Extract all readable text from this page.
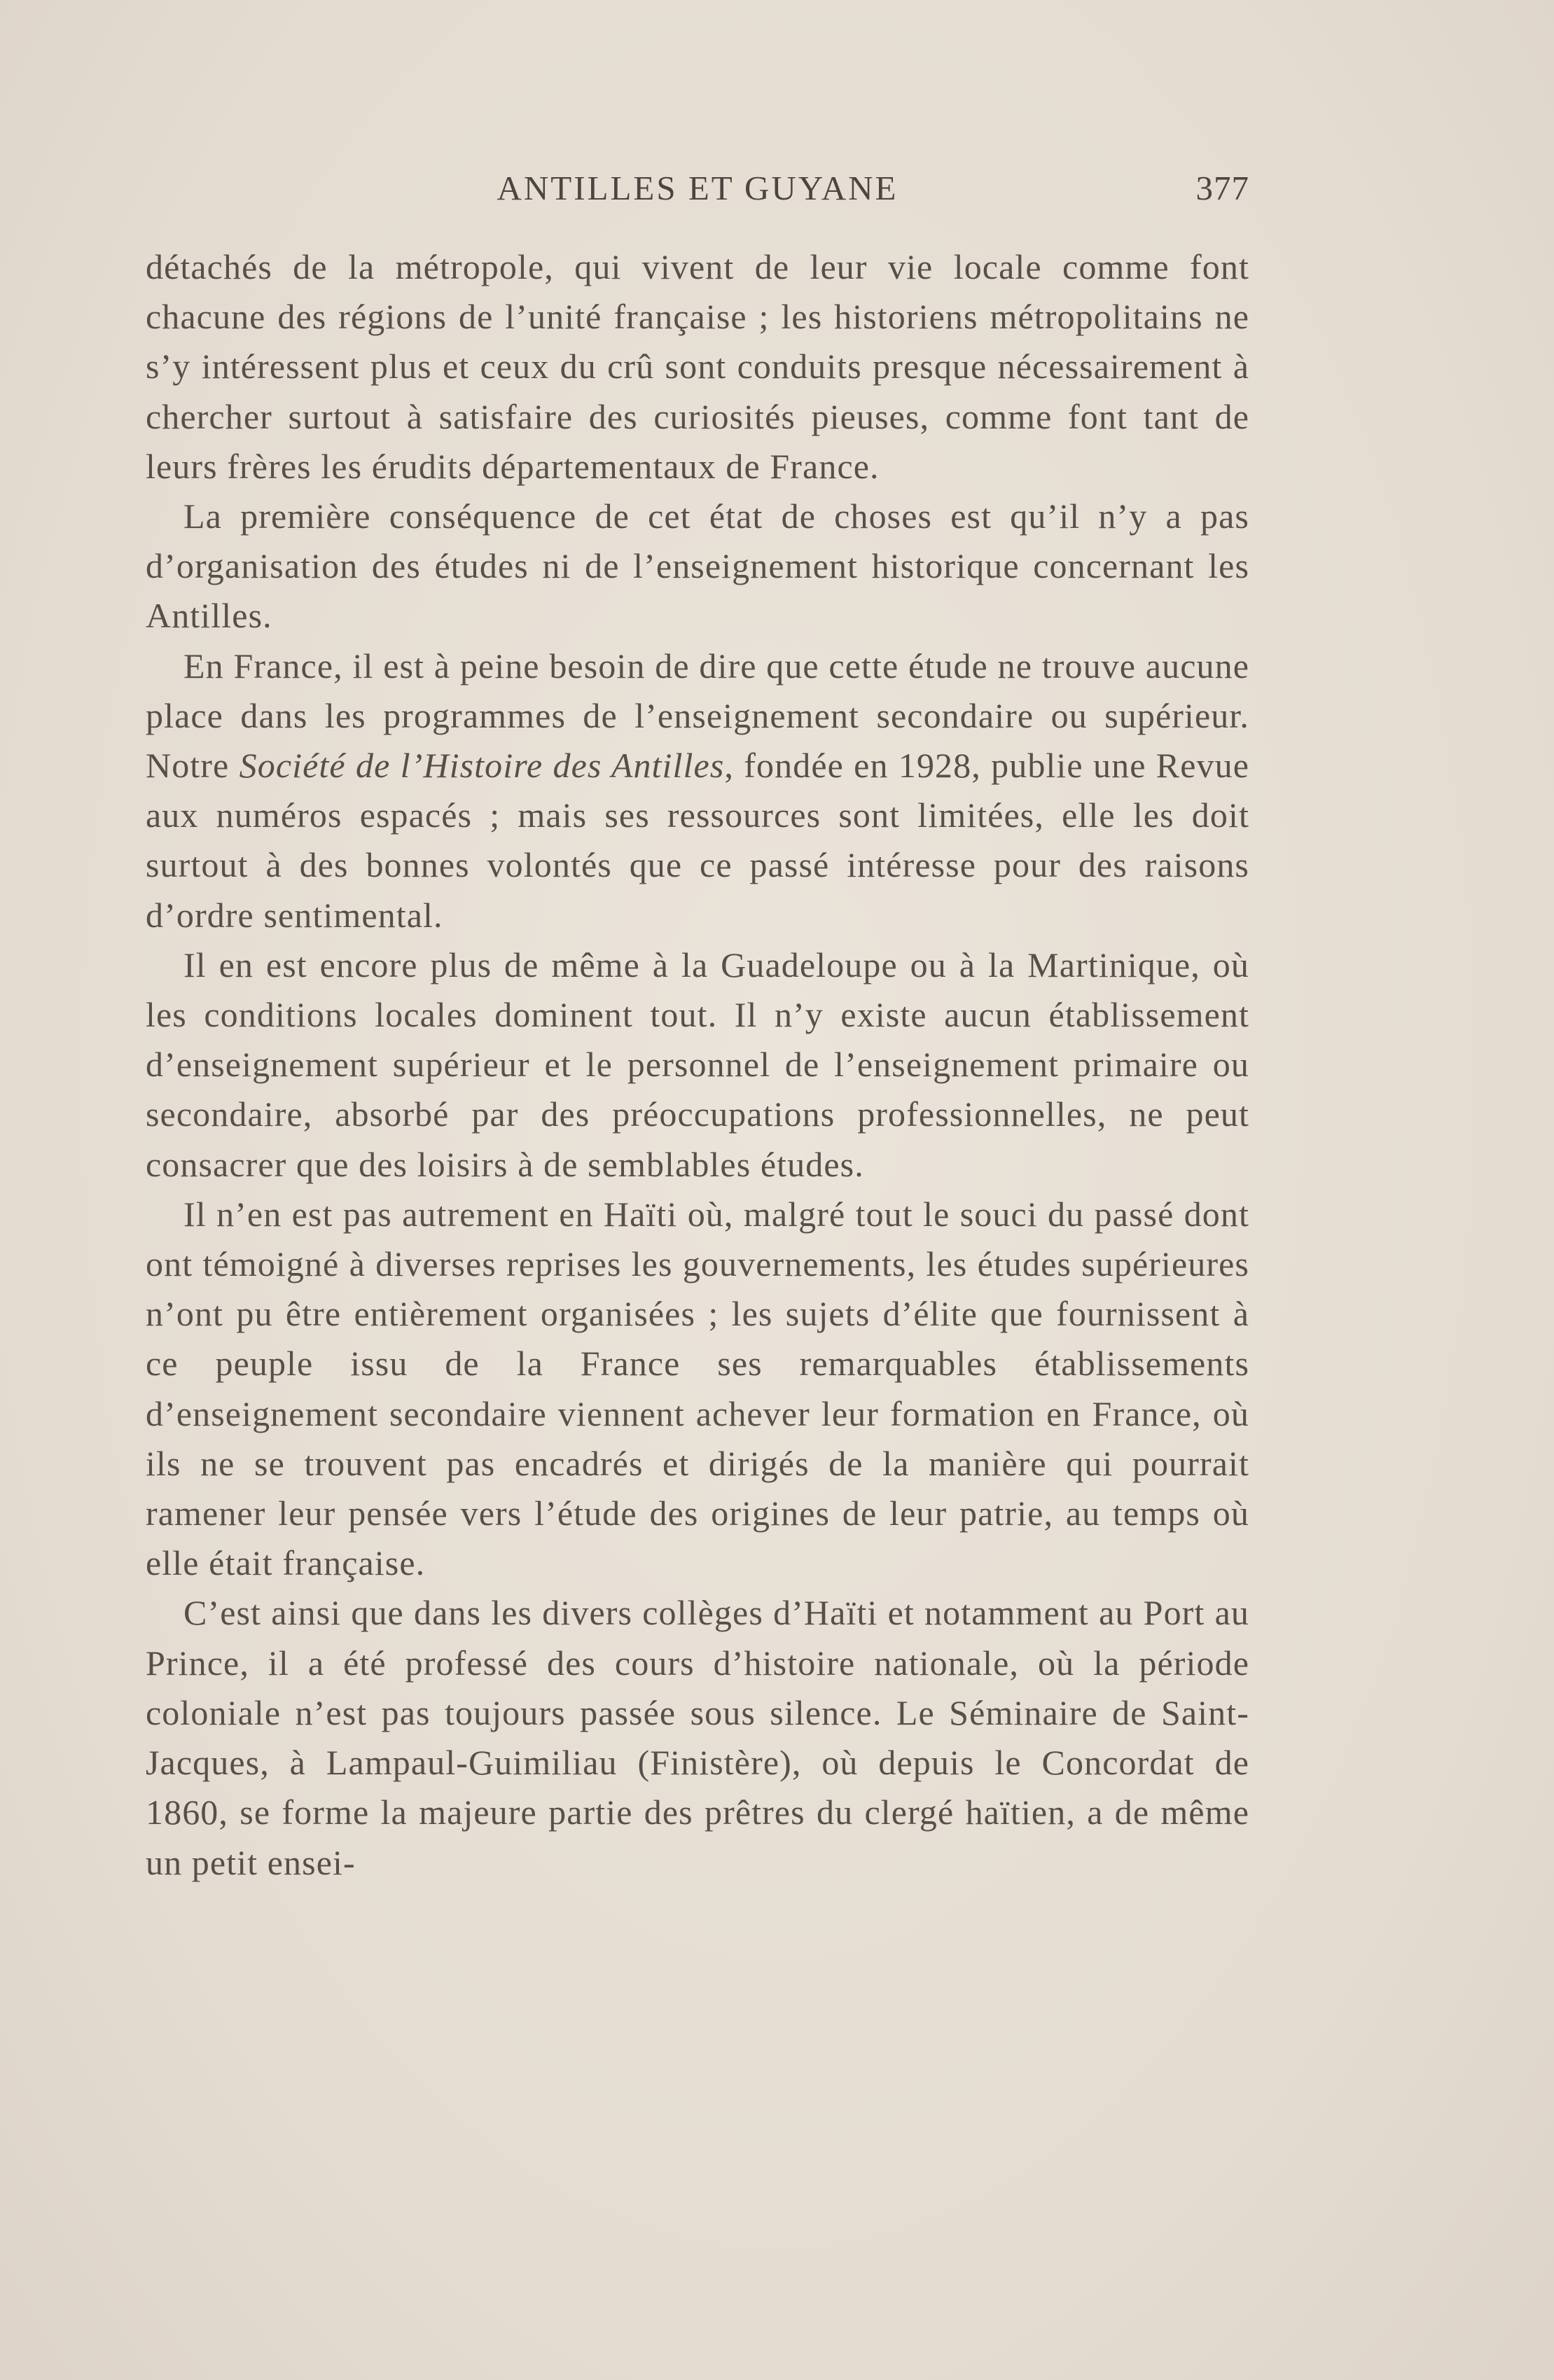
ANTILLES ET GUYANE	377

détachés de la métropole, qui vivent de leur vie locale comme font chacune des régions de l’unité française ; les historiens métropolitains ne s’y intéressent plus et ceux du crû sont conduits presque nécessairement à chercher surtout à satisfaire des curiosités pieuses, comme font tant de leurs frères les érudits départementaux de France.

La première conséquence de cet état de choses est qu’il n’y a pas d’organisation des études ni de l’enseignement historique concernant les Antilles.

En France, il est à peine besoin de dire que cette étude ne trouve aucune place dans les programmes de l’enseignement secondaire ou supérieur. Notre Société de l’Histoire des Antilles, fondée en 1928, publie une Revue aux numéros espacés ; mais ses ressources sont limitées, elle les doit surtout à des bonnes volontés que ce passé intéresse pour des raisons d’ordre sentimental.

Il en est encore plus de même à la Guadeloupe ou à la Martinique, où les conditions locales dominent tout. Il n’y existe aucun établissement d’enseignement supérieur et le personnel de l’enseignement primaire ou secondaire, absorbé par des préoccupations professionnelles, ne peut consacrer que des loisirs à de semblables études.

Il n’en est pas autrement en Haïti où, malgré tout le souci du passé dont ont témoigné à diverses reprises les gouvernements, les études supérieures n’ont pu être entièrement organisées ; les sujets d’élite que fournissent à ce peuple issu de la France ses remarquables établissements d’enseignement secondaire viennent achever leur formation en France, où ils ne se trouvent pas encadrés et dirigés de la manière qui pourrait ramener leur pensée vers l’étude des origines de leur patrie, au temps où elle était française.

C’est ainsi que dans les divers collèges d’Haïti et notamment au Port au Prince, il a été professé des cours d’histoire nationale, où la période coloniale n’est pas toujours passée sous silence. Le Séminaire de Saint-Jacques, à Lampaul-Guimiliau (Finistère), où depuis le Concordat de 1860, se forme la majeure partie des prêtres du clergé haïtien, a de même un petit ensei-
